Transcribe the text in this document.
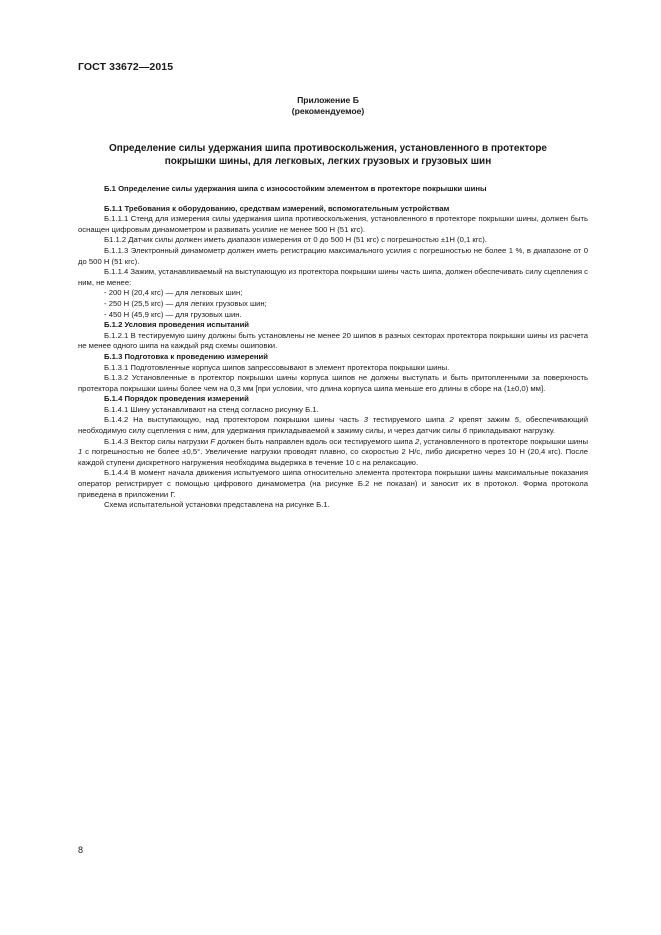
ГОСТ 33672—2015
Приложение Б
(рекомендуемое)
Определение силы удержания шипа противоскольжения, установленного в протекторе
покрышки шины, для легковых, легких грузовых и грузовых шин

Б.1 Определение силы удержания шипа с износостойким элементом в протекторе покрышки шины

Б.1.1 Требования к оборудованию, средствам измерений, вспомогательным устройствам

Б.1.1.1 Стенд для измерения силы удержания шипа противоскольжения, установленного в протекторе покрышки шины, должен быть оснащен цифровым динамометром и развивать усилие не менее 500 Н (51 кгс).

Б1.1.2 Датчик силы должен иметь диапазон измерения от 0 до 500 Н (51 кгс) с погрешностью ±1Н (0,1 кгс).

Б.1.1.3 Электронный динамометр должен иметь регистрацию максимального усилия с погрешностью не более 1 %, в диапазоне от 0 до 500 Н (51 кгс).

Б.1.1.4 Зажим, устанавливаемый на выступающую из протектора покрышки шины часть шипа, должен обеспечивать силу сцепления с ним, не менее:

- 200 Н (20,4 кгс) — для легковых шин;

- 250 Н (25,5 кгс) — для легких грузовых шин;

- 450 Н (45,9 кгс) — для грузовых шин.

Б.1.2 Условия проведения испытаний

Б.1.2.1 В тестируемую шину должны быть установлены не менее 20 шипов в разных секторах протектора покрышки шины из расчета не менее одного шипа на каждый ряд схемы ошиповки.

Б.1.3 Подготовка к проведению измерений

Б.1.3.1 Подготовленные корпуса шипов запрессовывают в элемент протектора покрышки шины.

Б.1.3.2 Установленные в протектор покрышки шины корпуса шипов не должны выступать и быть притопленными за поверхность протектора покрышки шины более чем на 0,3 мм [при условии, что длина корпуса шипа меньше его длины в сборе на (1±0,0) мм].

Б.1.4 Порядок проведения измерений

Б.1.4.1 Шину устанавливают на стенд согласно рисунку Б.1.

Б.1.4.2 На выступающую, над протектором покрышки шины часть 3 тестируемого шипа 2 крепят зажим 5, обеспечивающий необходимую силу сцепления с ним, для удержания прикладываемой к зажиму силы, и через датчик силы 6 прикладывают нагрузку.

Б.1.4.3 Вектор силы нагрузки F должен быть направлен вдоль оси тестируемого шипа 2, установленного в протекторе покрышки шины 1 с погрешностью не более ±0,5°. Увеличение нагрузки проводят плавно, со скоростью 2 Н/с, либо дискретно через 10 Н (20,4 кгс). После каждой ступени дискретного нагружения необходима выдержка в течение 10 с на релаксацию.

Б.1.4.4 В момент начала движения испытуемого шипа относительно элемента протектора покрышки шины максимальные показания оператор регистрирует с помощью цифрового динамометра (на рисунке Б.2 не показан) и заносит их в протокол. Форма протокола приведена в приложении Г.

Схема испытательной установки представлена на рисунке Б.1.

8
